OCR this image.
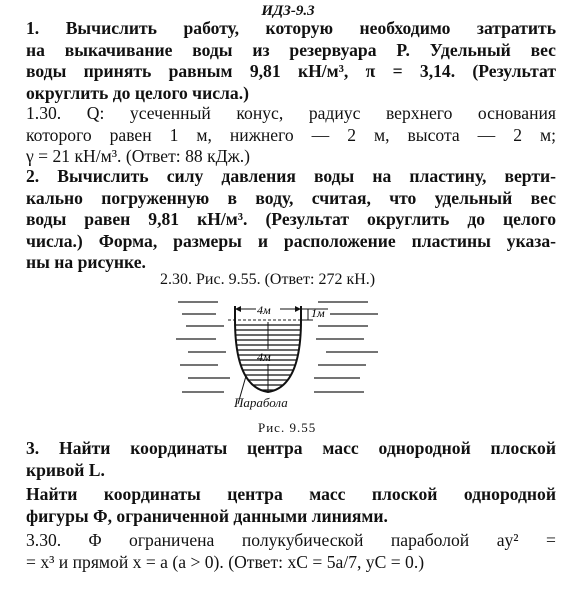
ИДЗ-9.3
1. Вычислить работу, которую необходимо затратить
на выкачивание воды из резервуара P. Удельный вес
воды принять равным 9,81 кН/м³, π = 3,14. (Результат
округлить до целого числа.)
1.30. Q: усеченный конус, радиус верхнего основания
которого равен 1 м, нижнего — 2 м, высота — 2 м;
γ = 21 кН/м³. (Ответ: 88 кДж.)
2. Вычислить силу давления воды на пластину, верти-
кально погруженную в воду, считая, что удельный вес
воды равен 9,81 кН/м³. (Результат округлить до целого
числа.) Форма, размеры и расположение пластины указа-
ны на рисунке.
2.30. Рис. 9.55. (Ответ: 272 кН.)
4м	1м
4м
Парабола
Рис. 9.55
3. Найти координаты центра масс однородной плоской
кривой L.
Найти координаты центра масс плоской однородной
фигуры Φ, ограниченной данными линиями.
3.30. Φ ограничена полукубической параболой ay² =
= x³ и прямой x = a (a > 0). (Ответ: xC = 5a/7, yC = 0.)
